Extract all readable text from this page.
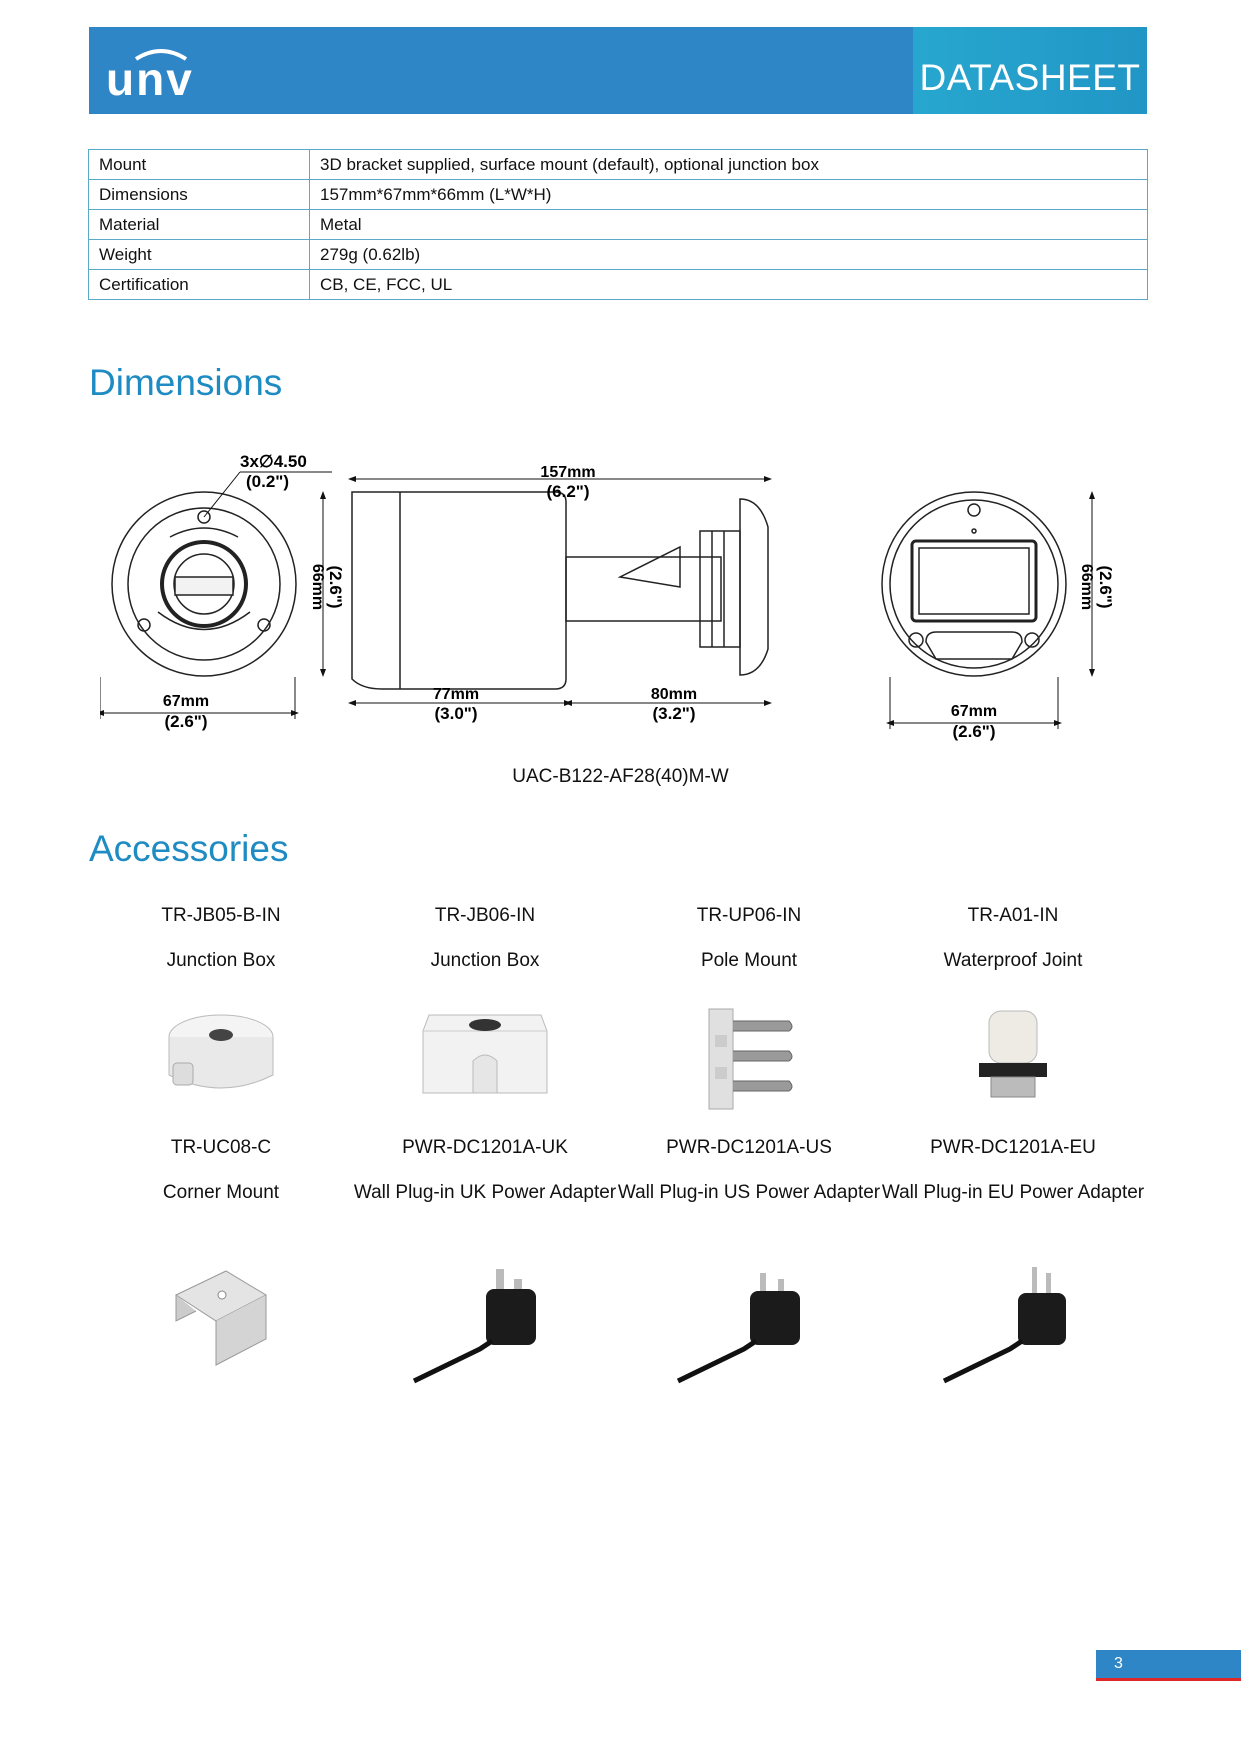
unv	DATASHEET
Mount	3D bracket supplied, surface mount (default), optional junction box
Dimensions	157mm*67mm*66mm (L*W*H)
Material	Metal
Weight	279g (0.62lb)
Certification	CB, CE, FCC, UL
Dimensions
67mm
(2.6")
66mm (2.6")
3x∅4.50
(0.2")	157mm
(6.2")
77mm
(3.0")
80mm
(3.2")	67mm
(2.6")
66mm (2.6")
UAC-B122-AF28(40)M-W
Accessories
TR-JB05-B-IN
Junction Box
TR-JB06-IN
Junction Box
TR-UP06-IN
Pole Mount
TR-A01-IN
Waterproof Joint
TR-UC08-C
Corner Mount
PWR-DC1201A-UK
Wall Plug-in UK Power Adapter
PWR-DC1201A-US
Wall Plug-in US Power Adapter
PWR-DC1201A-EU
Wall Plug-in EU Power Adapter
3
